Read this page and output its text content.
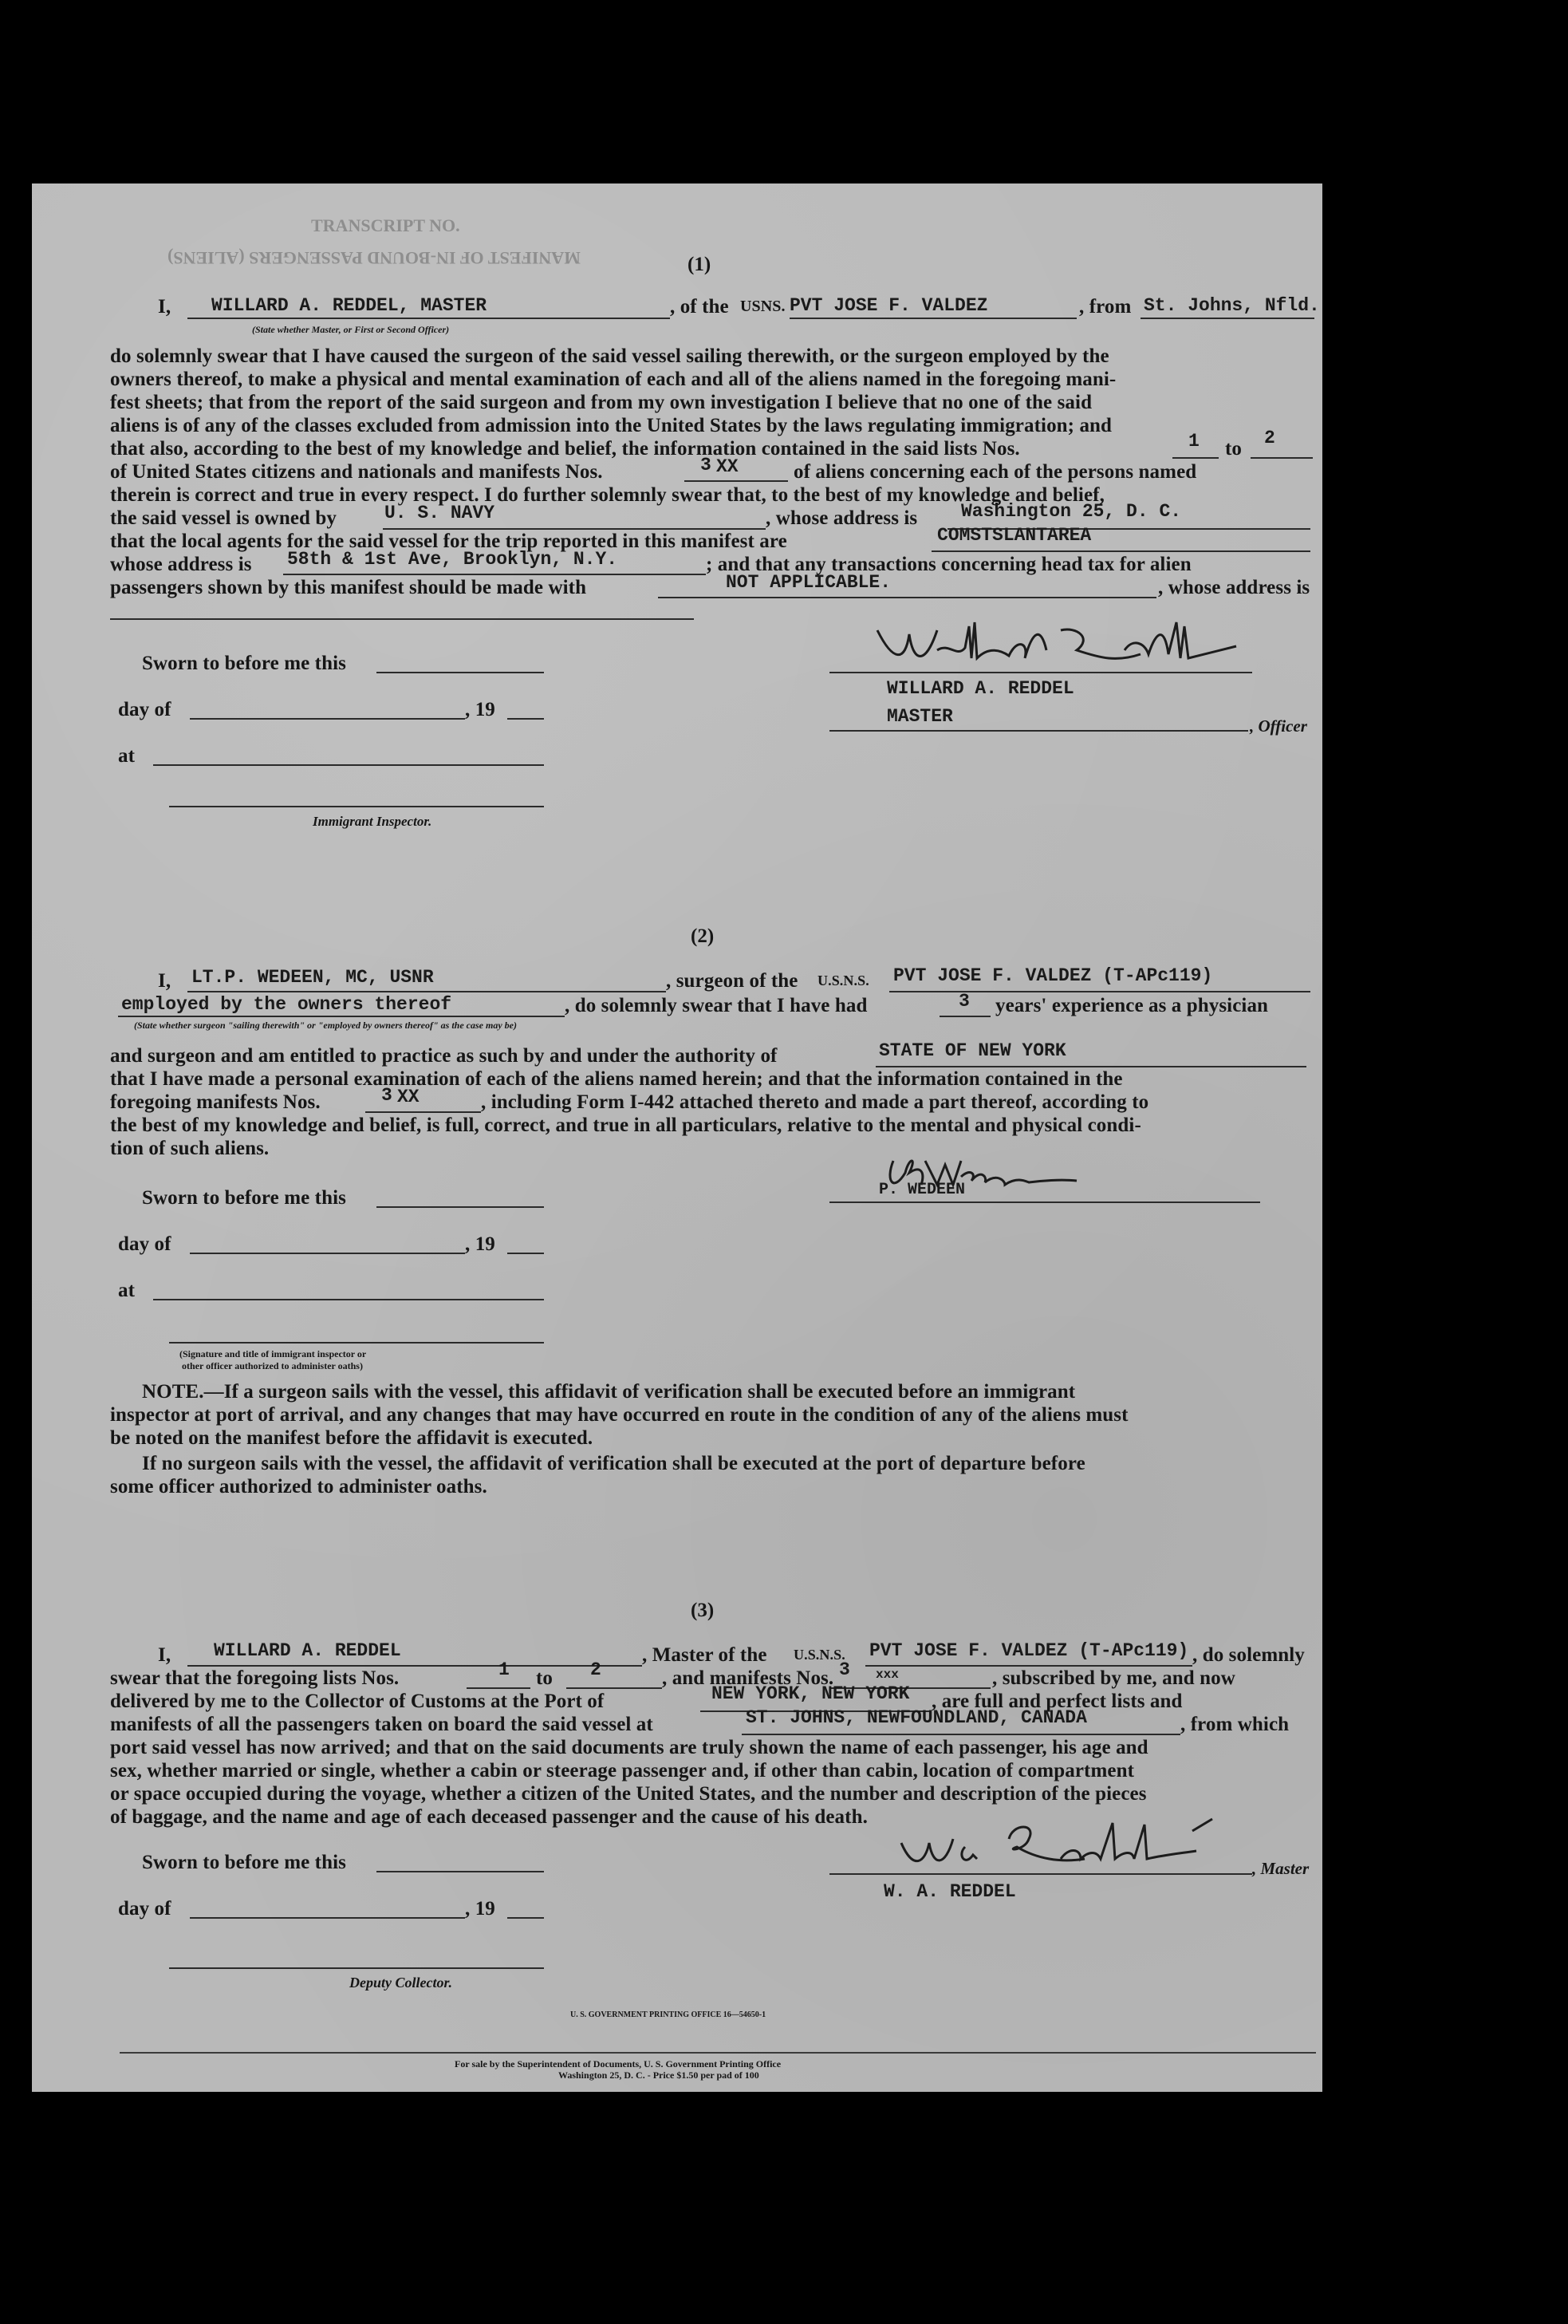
TRANSCRIPT NO.
MANIFEST OF IN-BOUND PASSENGERS (ALIENS)	(1)
I, WILLARD A. REDDEL, MASTER
(State whether Master, or First or Second Officer)
, of the USNS. PVT JOSE F. VALDEZ	, from St. Johns, Nfld.
do solemnly swear that I have caused the surgeon of the said vessel sailing therewith, or the surgeon employed by the
owners thereof, to make a physical and mental examination of each and all of the aliens named in the foregoing mani-
fest sheets; that from the report of the said surgeon and from my own investigation I believe that no one of the said
aliens is of any of the classes excluded from admission into the United States by the laws regulating immigration; and
that also, according to the best of my knowledge and belief, the information contained in the said lists Nos.	1 to 2
of United States citizens and nationals and manifests Nos.	3 XX	of aliens concerning each of the persons named
therein is correct and true in every respect. I do further solemnly swear that, to the best of my knowledge and belief,
the said vessel is owned by	U. S. NAVY	, whose address is Washington 25, D. C.
that the local agents for the said vessel for the trip reported in this manifest are	COMSTSLANTAREA
whose address is 58th & 1st Ave, Brooklyn, N.Y.	; and that any transactions concerning head tax for alien
passengers shown by this manifest should be made with	NOT APPLICABLE.	, whose address is
Sworn to before me this
day of	, 19
at
Immigrant Inspector.
WILLARD A. REDDEL
MASTER	, Officer
(2)
I, LT.P. WEDEEN, MC, USNR	, surgeon of the U.S.N.S. PVT JOSE F. VALDEZ (T-APc119)
employed by the owners thereof	, do solemnly swear that I have had	3 years' experience as a physician
(State whether surgeon "sailing therewith" or "employed by owners thereof" as the case may be)
and surgeon and am entitled to practice as such by and under the authority of	STATE OF NEW YORK
that I have made a personal examination of each of the aliens named herein; and that the information contained in the
foregoing manifests Nos.	3 XX	, including Form I-442 attached thereto and made a part thereof, according to
the best of my knowledge and belief, is full, correct, and true in all particulars, relative to the mental and physical condi-
tion of such aliens.
P. WEDEEN
Sworn to before me this
day of	, 19
at
(Signature and title of immigrant inspector or
other officer authorized to administer oaths)
NOTE.—If a surgeon sails with the vessel, this affidavit of verification shall be executed before an immigrant
inspector at port of arrival, and any changes that may have occurred en route in the condition of any of the aliens must
be noted on the manifest before the affidavit is executed.
If no surgeon sails with the vessel, the affidavit of verification shall be executed at the port of departure before
some officer authorized to administer oaths.
(3)
I, WILLARD A. REDDEL	, Master of the U.S.N.S. PVT JOSE F. VALDEZ (T-APc119) , do solemnly
swear that the foregoing lists Nos.	1 to 2	, and manifests Nos. 3 xxx	, subscribed by me, and now
delivered by me to the Collector of Customs at the Port of	NEW YORK, NEW YORK , are full and perfect lists and
manifests of all the passengers taken on board the said vessel at	ST. JOHNS, NEWFOUNDLAND, CANADA	, from which
port said vessel has now arrived; and that on the said documents are truly shown the name of each passenger, his age and
sex, whether married or single, whether a cabin or steerage passenger and, if other than cabin, location of compartment
or space occupied during the voyage, whether a citizen of the United States, and the number and description of the pieces
of baggage, and the name and age of each deceased passenger and the cause of his death.
, Master
W. A. REDDEL
Sworn to before me this
day of	, 19
Deputy Collector.
U. S. GOVERNMENT PRINTING OFFICE 16—54650-1
For sale by the Superintendent of Documents, U. S. Government Printing Office
Washington 25, D. C. - Price $1.50 per pad of 100
